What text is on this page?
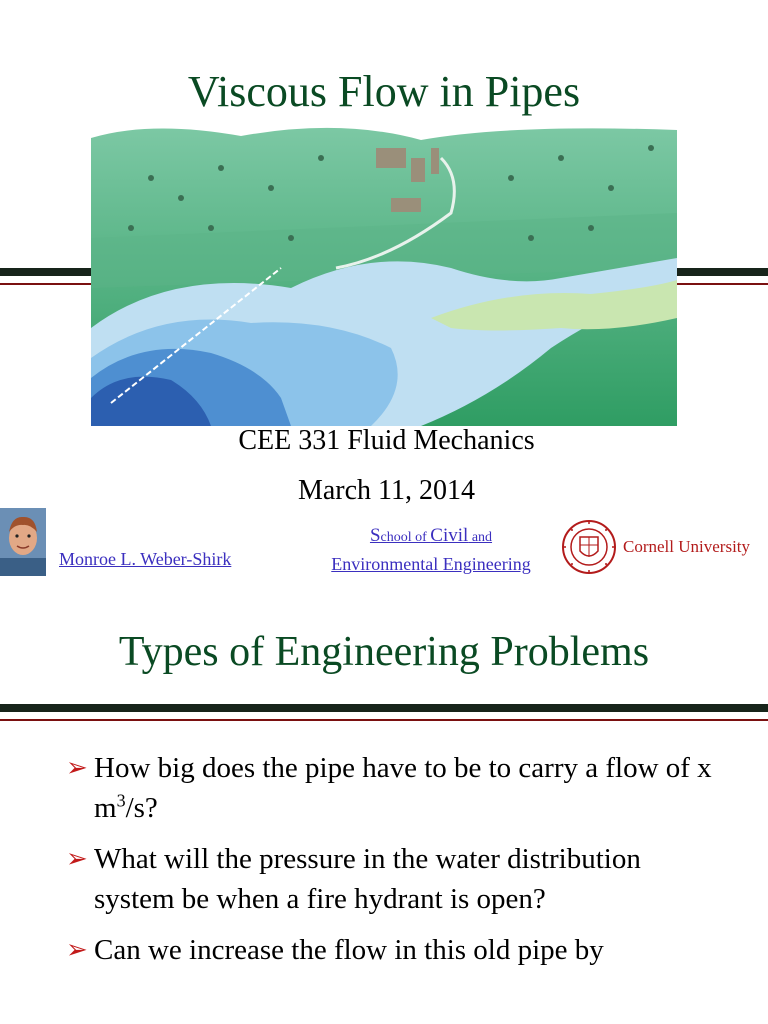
Viscous Flow in Pipes
CEE 331 Fluid Mechanics
March 11, 2014
Monroe L. Weber-Shirk
School of Civil and
Environmental Engineering
Cornell University
Types of Engineering Problems
➢ How big does the pipe have to be to carry a flow of x $m^3/s$?
➢ What will the pressure in the water distribution system be when a fire hydrant is open?
➢ Can we increase the flow in this old pipe by
